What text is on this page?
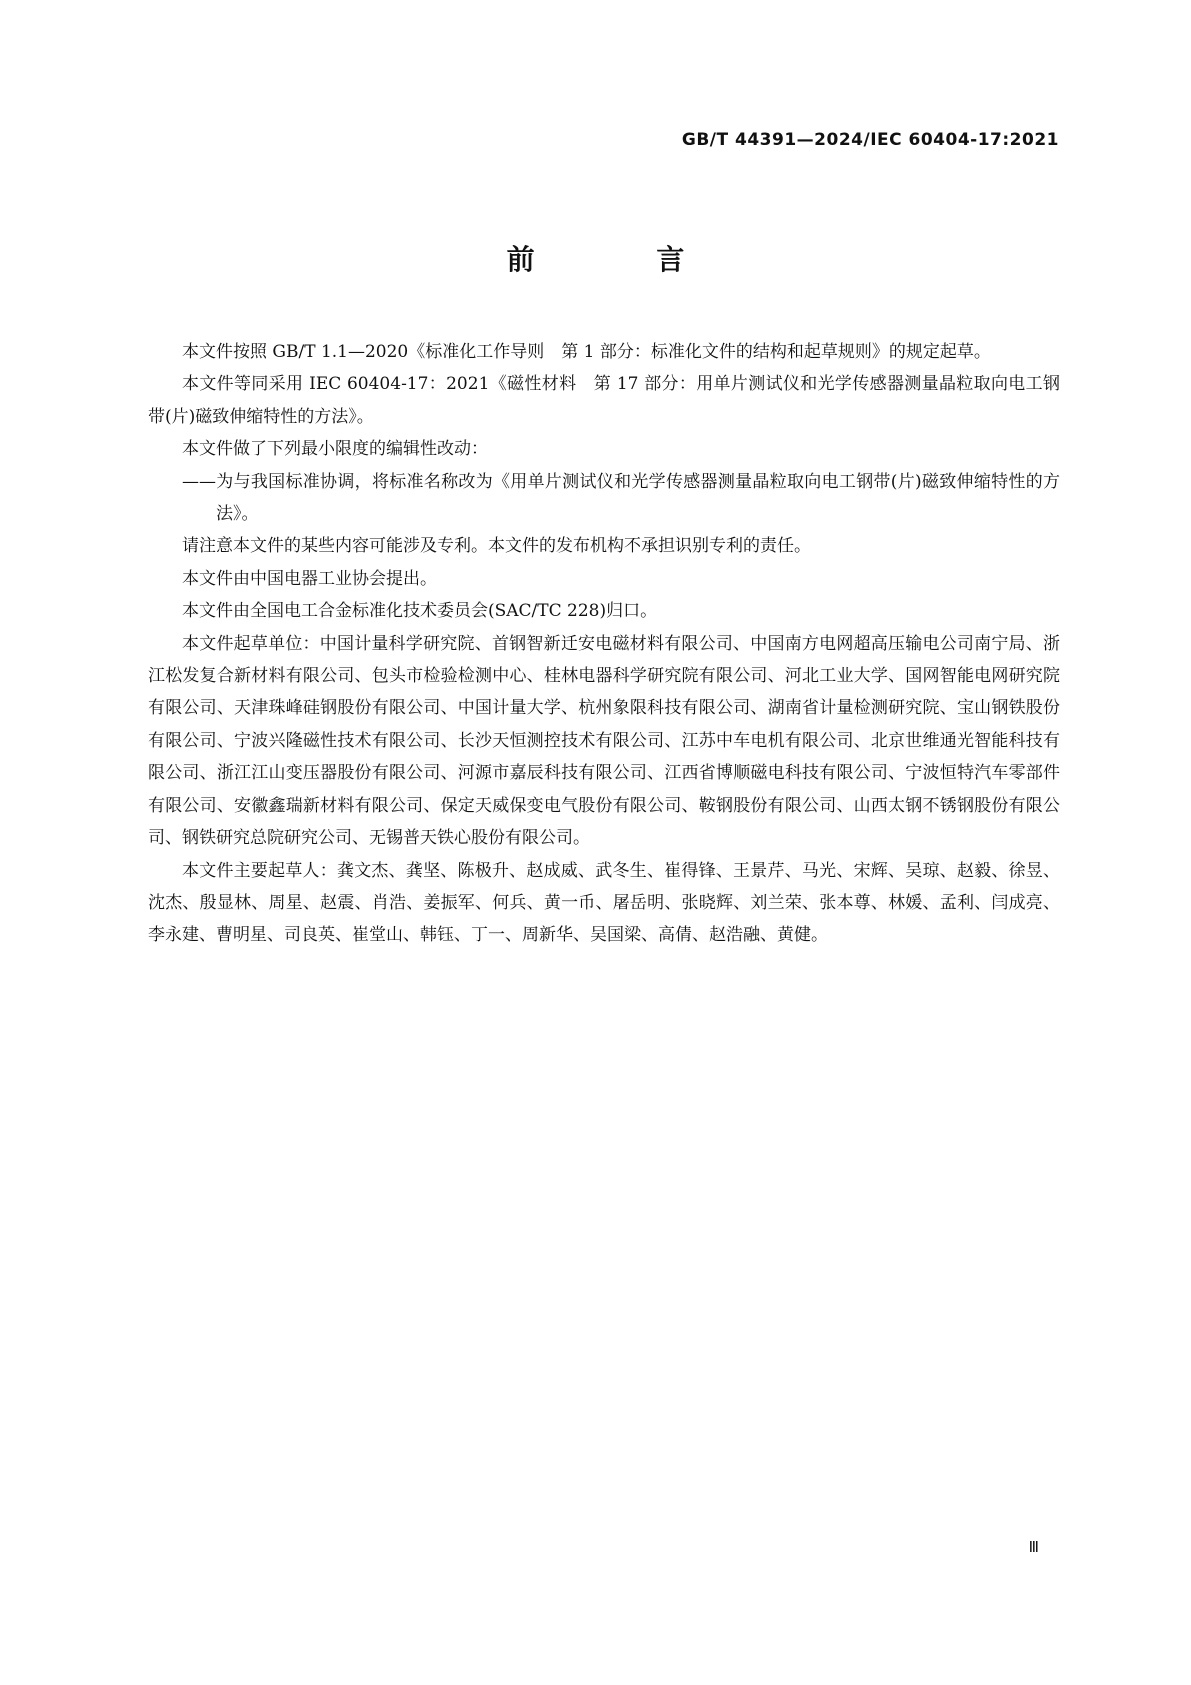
GB/T 44391—2024/IEC 60404-17:2021
前 言

本文件按照 GB/T 1.1—2020《标准化工作导则　第 1 部分：标准化文件的结构和起草规则》的规定起草。

本文件等同采用 IEC 60404-17：2021《磁性材料　第 17 部分：用单片测试仪和光学传感器测量晶粒取向电工钢带(片)磁致伸缩特性的方法》。

本文件做了下列最小限度的编辑性改动：

——为与我国标准协调，将标准名称改为《用单片测试仪和光学传感器测量晶粒取向电工钢带(片)磁致伸缩特性的方法》。

请注意本文件的某些内容可能涉及专利。本文件的发布机构不承担识别专利的责任。

本文件由中国电器工业协会提出。

本文件由全国电工合金标准化技术委员会(SAC/TC 228)归口。

本文件起草单位：中国计量科学研究院、首钢智新迁安电磁材料有限公司、中国南方电网超高压输电公司南宁局、浙江松发复合新材料有限公司、包头市检验检测中心、桂林电器科学研究院有限公司、河北工业大学、国网智能电网研究院有限公司、天津珠峰硅钢股份有限公司、中国计量大学、杭州象限科技有限公司、湖南省计量检测研究院、宝山钢铁股份有限公司、宁波兴隆磁性技术有限公司、长沙天恒测控技术有限公司、江苏中车电机有限公司、北京世维通光智能科技有限公司、浙江江山变压器股份有限公司、河源市嘉辰科技有限公司、江西省博顺磁电科技有限公司、宁波恒特汽车零部件有限公司、安徽鑫瑞新材料有限公司、保定天威保变电气股份有限公司、鞍钢股份有限公司、山西太钢不锈钢股份有限公司、钢铁研究总院研究公司、无锡普天铁心股份有限公司。

本文件主要起草人：龚文杰、龚坚、陈极升、赵成威、武冬生、崔得锋、王景芹、马光、宋辉、吴琼、赵毅、徐昱、沈杰、殷显林、周星、赵震、肖浩、姜振军、何兵、黄一币、屠岳明、张晓辉、刘兰荣、张本尊、林媛、孟利、闫成亮、李永建、曹明星、司良英、崔堂山、韩钰、丁一、周新华、吴国梁、高倩、赵浩融、黄健。

Ⅲ
